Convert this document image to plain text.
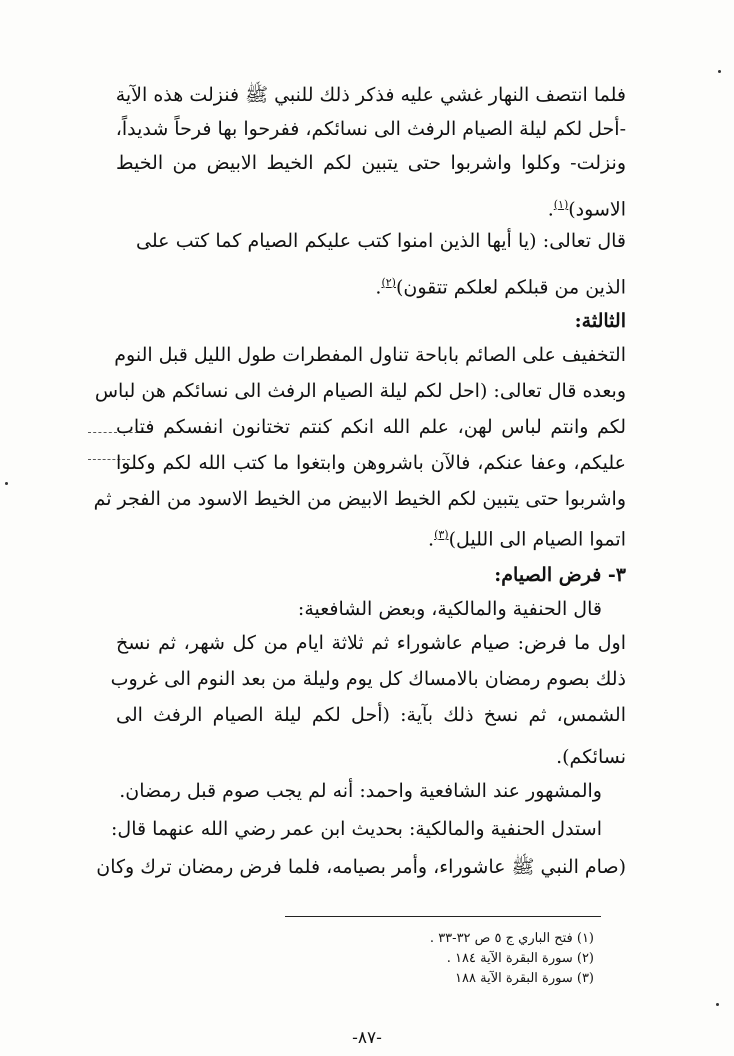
فلما انتصف النهار غشي عليه فذكر ذلك للنبي ﷺ فنزلت هذه الآية
-أحل لكم ليلة الصيام الرفث الى نسائكم، ففرحوا بها فرحاً شديداً،
ونزلت- وكلوا واشربوا حتى يتبين لكم الخيط الابيض من الخيط
الاسود)$^{(١)}$.
قال تعالى: (يا أيها الذين امنوا كتب عليكم الصيام كما كتب على
الذين من قبلكم لعلكم تتقون)$^{(٢)}$.
الثالثة:
التخفيف على الصائم باباحة تناول المفطرات طول الليل قبل النوم
وبعده قال تعالى: (احل لكم ليلة الصيام الرفث الى نسائكم هن لباس
لكم وانتم لباس لهن، علم الله انكم كنتم تختانون انفسكم فتاب
عليكم، وعفا عنكم، فالآن باشروهن وابتغوا ما كتب الله لكم وكلوا
واشربوا حتى يتبين لكم الخيط الابيض من الخيط الاسود من الفجر ثم
اتموا الصيام الى الليل)$^{(٣)}$.
٣- فرض الصيام:
قال الحنفية والمالكية، وبعض الشافعية:
اول ما فرض: صيام عاشوراء ثم ثلاثة ايام من كل شهر، ثم نسخ
ذلك بصوم رمضان بالامساك كل يوم وليلة من بعد النوم الى غروب
الشمس، ثم نسخ ذلك بآية: (أحل لكم ليلة الصيام الرفث الى
نسائكم).
والمشهور عند الشافعية واحمد: أنه لم يجب صوم قبل رمضان.
استدل الحنفية والمالكية: بحديث ابن عمر رضي الله عنهما قال:
(صام النبي ﷺ عاشوراء، وأمر بصيامه، فلما فرض رمضان ترك وكان
(١) فتح الباري ج ٥ ص ٣٢-٣٣ .
(٢) سورة البقرة الآية ١٨٤ .
(٣) سورة البقرة الآية ١٨٨
-٨٧-
